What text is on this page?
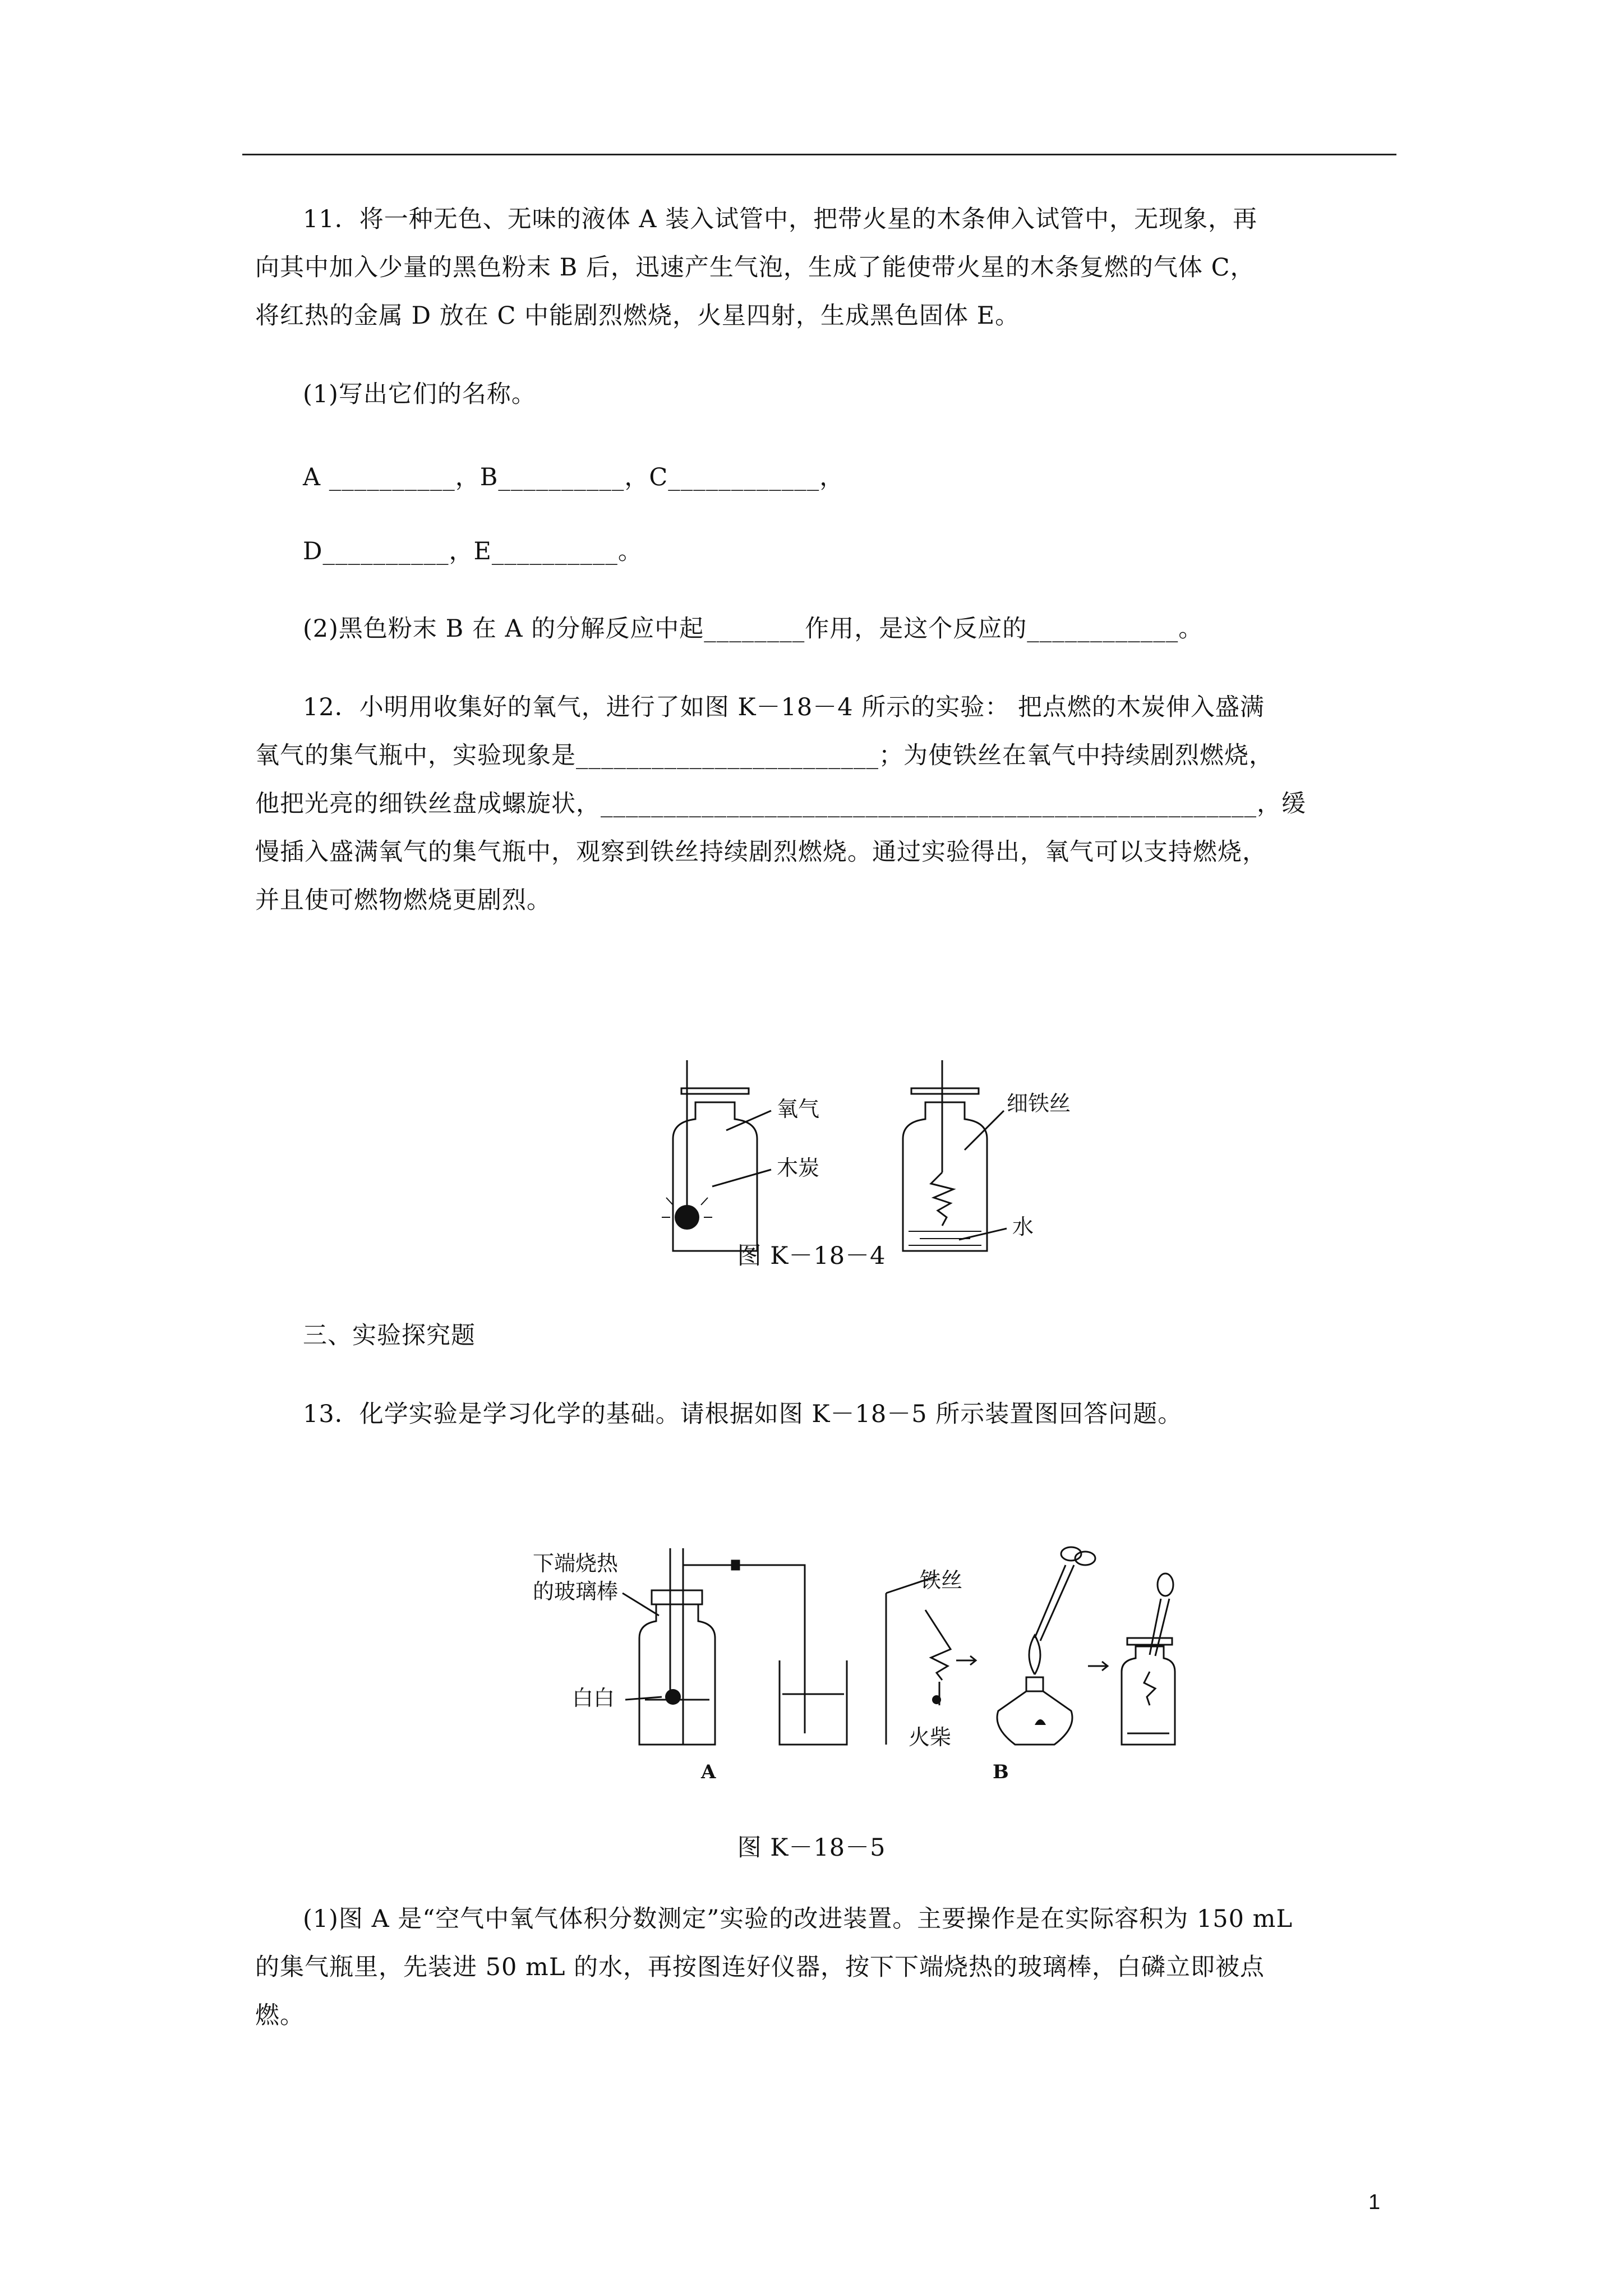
11．将一种无色、无味的液体 A 装入试管中，把带火星的木条伸入试管中，无现象，再
向其中加入少量的黑色粉末 B 后，迅速产生气泡，生成了能使带火星的木条复燃的气体 C，
将红热的金属 D 放在 C 中能剧烈燃烧，火星四射，生成黑色固体 E。
(1)写出它们的名称。
A __________，B__________，C____________，
D__________，E__________。
(2)黑色粉末 B 在 A 的分解反应中起________作用，是这个反应的____________。
12．小明用收集好的氧气，进行了如图 K－18－4 所示的实验： 把点燃的木炭伸入盛满
氧气的集气瓶中，实验现象是________________________；为使铁丝在氧气中持续剧烈燃烧，
他把光亮的细铁丝盘成螺旋状，____________________________________________________，缓
慢插入盛满氧气的集气瓶中，观察到铁丝持续剧烈燃烧。通过实验得出，氧气可以支持燃烧，
并且使可燃物燃烧更剧烈。
氧气
木炭
细铁丝
水
图 K－18－4
三、实验探究题
13．化学实验是学习化学的基础。请根据如图 K－18－5 所示装置图回答问题。
下端烧热
的玻璃棒
白白
铁丝
火柴
A	B
图 K－18－5
(1)图 A 是“空气中氧气体积分数测定”实验的改进装置。主要操作是在实际容积为 150 mL
的集气瓶里，先装进 50 mL 的水，再按图连好仪器，按下下端烧热的玻璃棒，白磷立即被点
燃。
1
